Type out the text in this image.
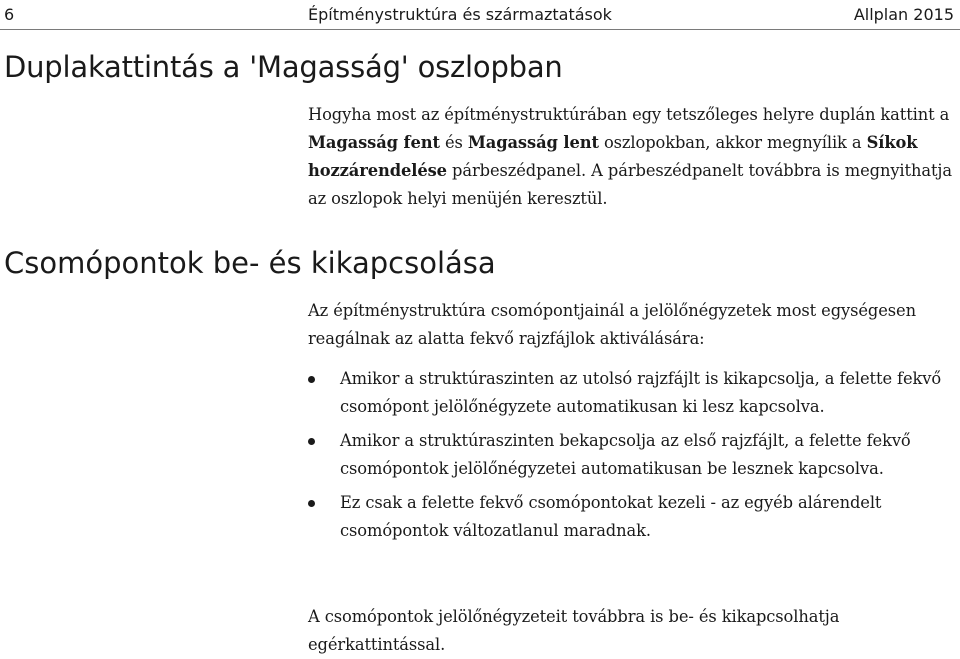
6	Építménystruktúra és származtatások	Allplan 2015
Duplakattintás a 'Magasság' oszlopban

Hogyha most az építménystruktúrában egy tetszőleges helyre duplán kattint a Magasság fent és Magasság lent oszlopokban, akkor megnyílik a Síkok hozzárendelése párbeszédpanel. A párbeszédpanelt továbbra is megnyithatja az oszlopok helyi menüjén keresztül.

Csomópontok be- és kikapcsolása

Az építménystruktúra csomópontjainál a jelölőnégyzetek most egységesen reagálnak az alatta fekvő rajzfájlok aktiválására:

Amikor a struktúraszinten az utolsó rajzfájlt is kikapcsolja, a felette fekvő csomópont jelölőnégyzete automatikusan ki lesz kapcsolva.
Amikor a struktúraszinten bekapcsolja az első rajzfájlt, a felette fekvő csomópontok jelölőnégyzetei automatikusan be lesznek kapcsolva.
Ez csak a felette fekvő csomópontokat kezeli - az egyéb alárendelt csomópontok változatlanul maradnak.

A csomópontok jelölőnégyzeteit továbbra is be- és kikapcsolhatja egérkattintással.
